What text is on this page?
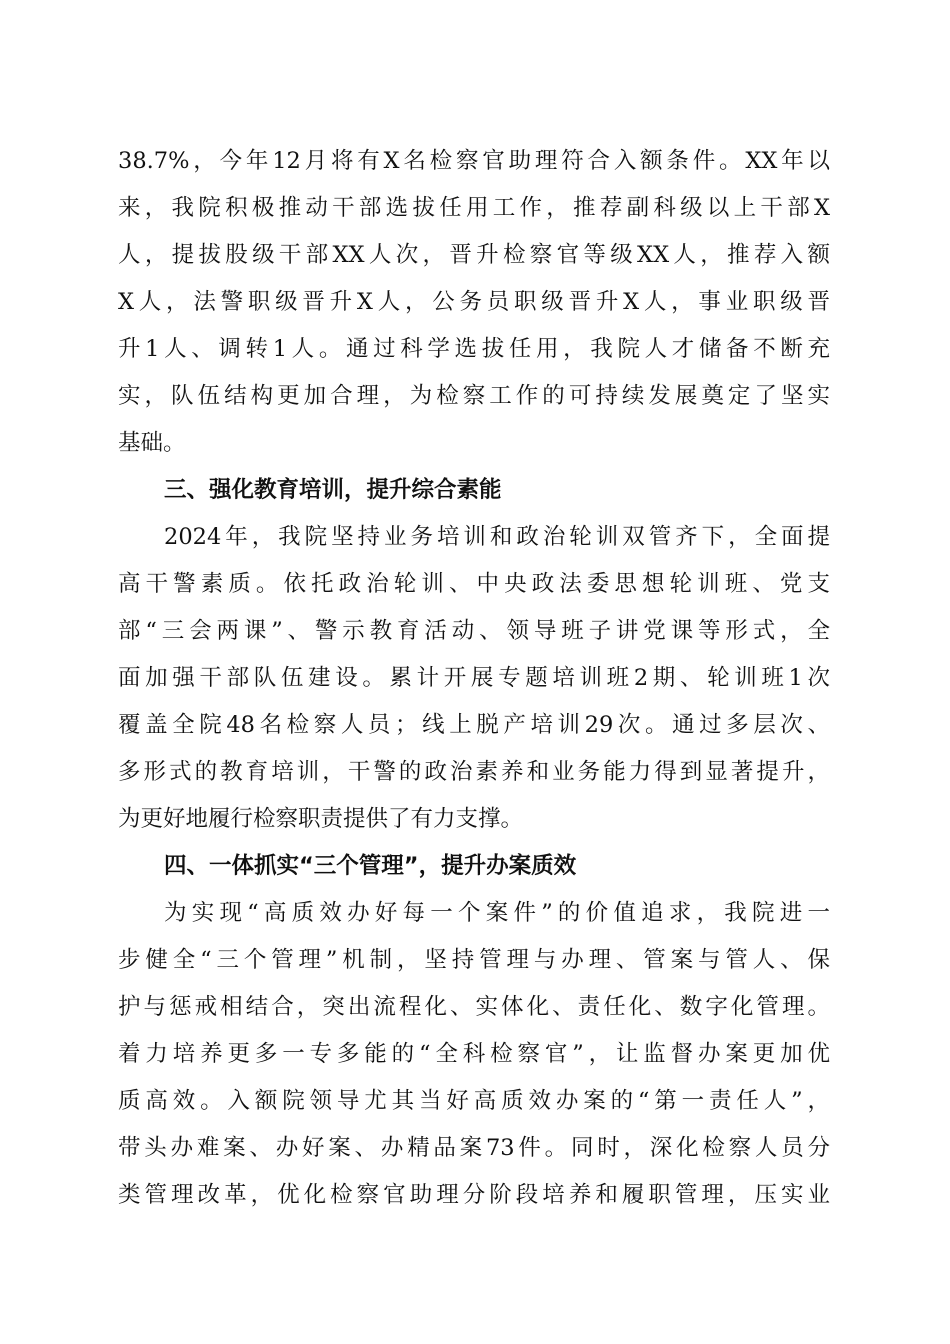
38.7%，今年12月将有X名检察官助理符合入额条件。XX年以
来，我院积极推动干部选拔任用工作，推荐副科级以上干部X
人，提拔股级干部XX人次，晋升检察官等级XX人，推荐入额
X人，法警职级晋升X人，公务员职级晋升X人，事业职级晋
升1人、调转1人。通过科学选拔任用，我院人才储备不断充
实，队伍结构更加合理，为检察工作的可持续发展奠定了坚实
基础。
三、强化教育培训，提升综合素能
2024年，我院坚持业务培训和政治轮训双管齐下，全面提
高干警素质。依托政治轮训、中央政法委思想轮训班、党支
部“三会两课”、警示教育活动、领导班子讲党课等形式，全
面加强干部队伍建设。累计开展专题培训班2期、轮训班1次
覆盖全院48名检察人员；线上脱产培训29次。通过多层次、
多形式的教育培训，干警的政治素养和业务能力得到显著提升，
为更好地履行检察职责提供了有力支撑。
四、一体抓实“三个管理”，提升办案质效
为实现“高质效办好每一个案件”的价值追求，我院进一
步健全“三个管理”机制，坚持管理与办理、管案与管人、保
护与惩戒相结合，突出流程化、实体化、责任化、数字化管理。
着力培养更多一专多能的“全科检察官”，让监督办案更加优
质高效。入额院领导尤其当好高质效办案的“第一责任人”，
带头办难案、办好案、办精品案73件。同时，深化检察人员分
类管理改革，优化检察官助理分阶段培养和履职管理，压实业
